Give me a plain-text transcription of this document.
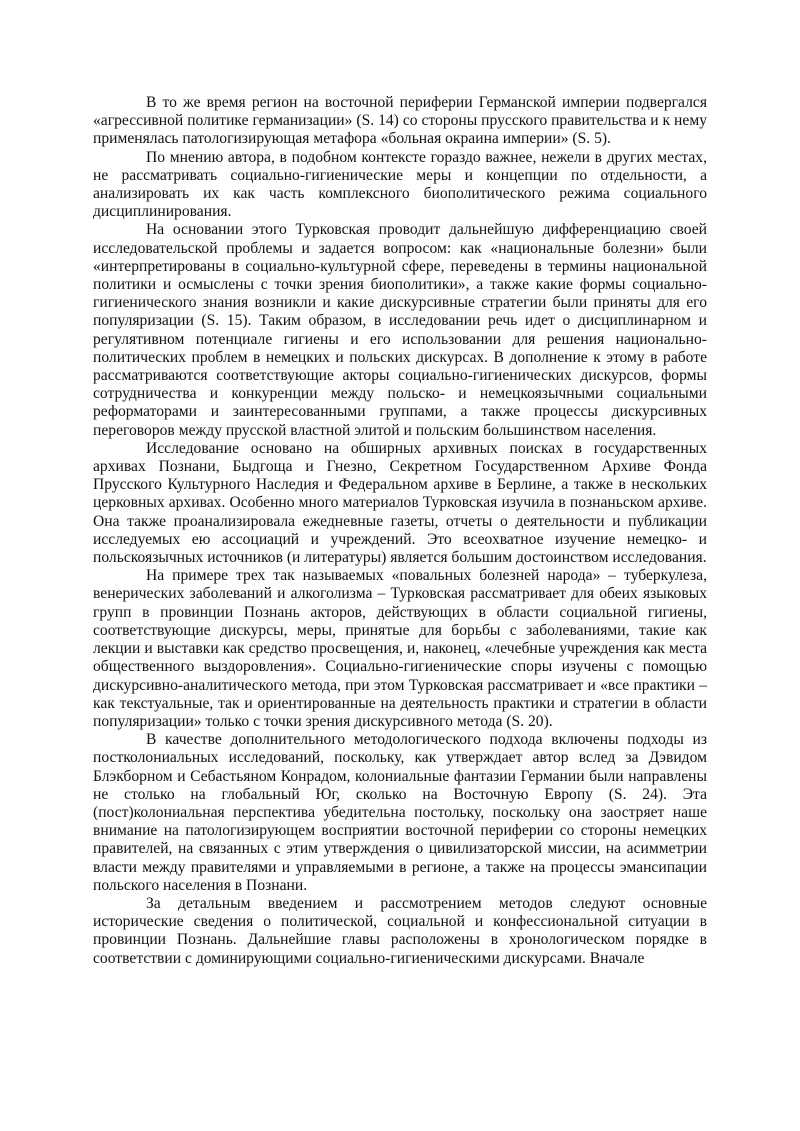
В то же время регион на восточной периферии Германской империи подвергался «агрессивной политике германизации» (S. 14) со стороны прусского правительства и к нему применялась патологизирующая метафора «больная окраина империи» (S. 5).

По мнению автора, в подобном контексте гораздо важнее, нежели в других местах, не рассматривать социально-гигиенические меры и концепции по отдельности, а анализировать их как часть комплексного биополитического режима социального дисциплинирования.

На основании этого Турковская проводит дальнейшую дифференциацию своей исследовательской проблемы и задается вопросом: как «национальные болезни» были «интерпретированы в социально-культурной сфере, переведены в термины национальной политики и осмыслены с точки зрения биополитики», а также какие формы социально-гигиенического знания возникли и какие дискурсивные стратегии были приняты для его популяризации (S. 15). Таким образом, в исследовании речь идет о дисциплинарном и регулятивном потенциале гигиены и его использовании для решения национально-политических проблем в немецких и польских дискурсах. В дополнение к этому в работе рассматриваются соответствующие акторы социально-гигиенических дискурсов, формы сотрудничества и конкуренции между польско- и немецкоязычными социальными реформаторами и заинтересованными группами, а также процессы дискурсивных переговоров между прусской властной элитой и польским большинством населения.

Исследование основано на обширных архивных поисках в государственных архивах Познани, Быдгоща и Гнезно, Секретном Государственном Архиве Фонда Прусского Культурного Наследия и Федеральном архиве в Берлине, а также в нескольких церковных архивах. Особенно много материалов Турковская изучила в познаньском архиве. Она также проанализировала ежедневные газеты, отчеты о деятельности и публикации исследуемых ею ассоциаций и учреждений. Это всеохватное изучение немецко- и польскоязычных источников (и литературы) является большим достоинством исследования.

На примере трех так называемых «повальных болезней народа» – туберкулеза, венерических заболеваний и алкоголизма – Турковская рассматривает для обеих языковых групп в провинции Познань акторов, действующих в области социальной гигиены, соответствующие дискурсы, меры, принятые для борьбы с заболеваниями, такие как лекции и выставки как средство просвещения, и, наконец, «лечебные учреждения как места общественного выздоровления». Социально-гигиенические споры изучены с помощью дискурсивно-аналитического метода, при этом Турковская рассматривает и «все практики – как текстуальные, так и ориентированные на деятельность практики и стратегии в области популяризации» только с точки зрения дискурсивного метода (S. 20).

В качестве дополнительного методологического подхода включены подходы из постколониальных исследований, поскольку, как утверждает автор вслед за Дэвидом Блэкборном и Себастьяном Конрадом, колониальные фантазии Германии были направлены не столько на глобальный Юг, сколько на Восточную Европу (S. 24). Эта (пост)колониальная перспектива убедительна постольку, поскольку она заостряет наше внимание на патологизирующем восприятии восточной периферии со стороны немецких правителей, на связанных с этим утверждения о цивилизаторской миссии, на асимметрии власти между правителями и управляемыми в регионе, а также на процессы эмансипации польского населения в Познани.

За детальным введением и рассмотрением методов следуют основные исторические сведения о политической, социальной и конфессиональной ситуации в провинции Познань. Дальнейшие главы расположены в хронологическом порядке в соответствии с доминирующими социально-гигиеническими дискурсами. Вначале
